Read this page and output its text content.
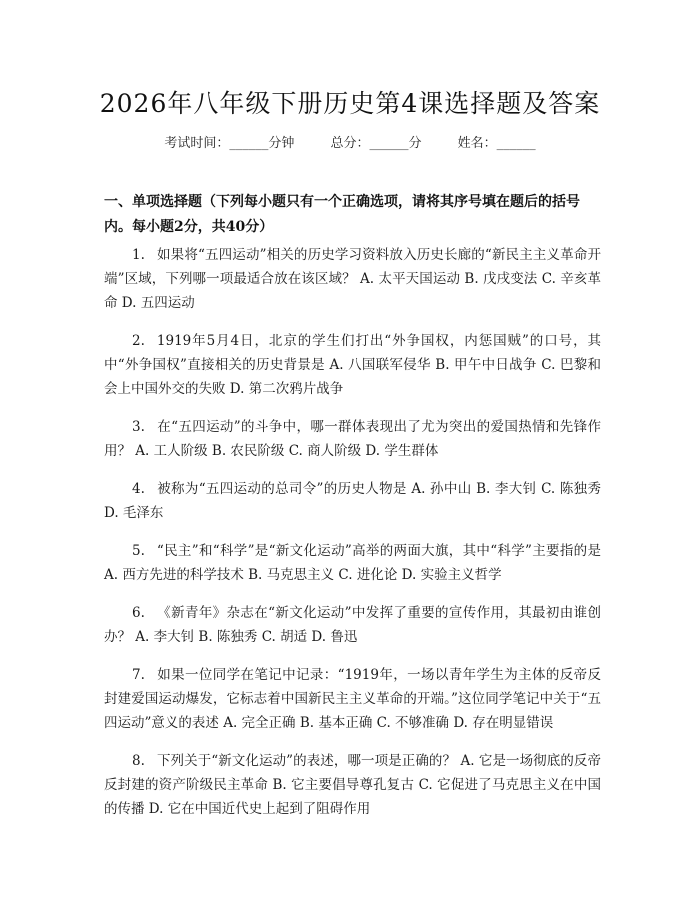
2026年八年级下册历史第4课选择题及答案
考试时间：______分钟	总分：______分	姓名：______
一、单项选择题（下列每小题只有一个正确选项，请将其序号填在题后的括号内。每小题2分，共40分）

1. 如果将“五四运动”相关的历史学习资料放入历史长廊的“新民主主义革命开端”区域，下列哪一项最适合放在该区域？ A. 太平天国运动 B. 戊戌变法 C. 辛亥革命 D. 五四运动

2. 1919年5月4日，北京的学生们打出“外争国权，内惩国贼”的口号，其中“外争国权”直接相关的历史背景是 A. 八国联军侵华 B. 甲午中日战争 C. 巴黎和会上中国外交的失败 D. 第二次鸦片战争

3. 在“五四运动”的斗争中，哪一群体表现出了尤为突出的爱国热情和先锋作用？ A. 工人阶级 B. 农民阶级 C. 商人阶级 D. 学生群体

4. 被称为“五四运动的总司令”的历史人物是 A. 孙中山 B. 李大钊 C. 陈独秀 D. 毛泽东

5. “民主”和“科学”是“新文化运动”高举的两面大旗，其中“科学”主要指的是 A. 西方先进的科学技术 B. 马克思主义 C. 进化论 D. 实验主义哲学

6. 《新青年》杂志在“新文化运动”中发挥了重要的宣传作用，其最初由谁创办？ A. 李大钊 B. 陈独秀 C. 胡适 D. 鲁迅

7. 如果一位同学在笔记中记录：“1919年，一场以青年学生为主体的反帝反封建爱国运动爆发，它标志着中国新民主主义革命的开端。”这位同学笔记中关于“五四运动”意义的表述 A. 完全正确 B. 基本正确 C. 不够准确 D. 存在明显错误

8. 下列关于“新文化运动”的表述，哪一项是正确的？ A. 它是一场彻底的反帝反封建的资产阶级民主革命 B. 它主要倡导尊孔复古 C. 它促进了马克思主义在中国的传播 D. 它在中国近代史上起到了阻碍作用
